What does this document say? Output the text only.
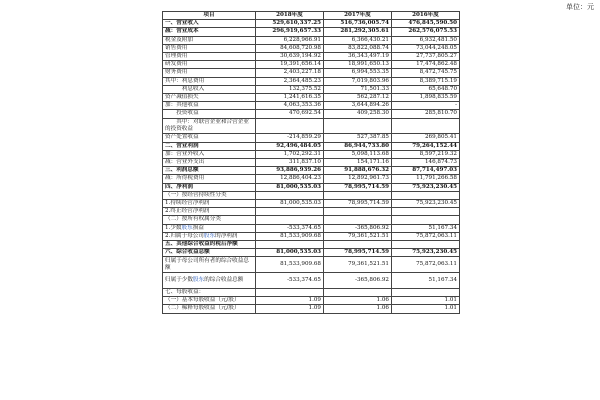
单位：元
项目	2018年度	2017年度	2016年度
一、营业收入	529,610,337.25	516,736,005.74	476,845,590.50
减：营业成本	296,919,657.33	281,292,305.61	262,576,075.53
税金及附加	6,228,966.91	6,366,430.21	6,932,481.50
销售费用	84,608,720.98	83,822,088.74	73,044,248.05
管理费用	30,639,194.92	36,343,497.19	27,737,805.27
研发费用	19,391,656.14	18,991,650.13	17,474,862.48
财务费用	2,403,227.18	6,994,553.35	8,472,745.75
其中：利息费用	2,364,485.23	7,019,803.96	8,389,715.19
　　　利息收入	132,375.52	71,501.33	65,648.70
资产减值损失	1,241,616.35	562,287.12	1,898,835.59
加：其他收益	4,063,353.36	3,644,894.26	-
　　投资收益	470,692.54	409,258.30	285,810.70
　　其中：对联营企业和合营企业的投资收益			
资产处置收益	-214,859.29	527,387.85	269,805.41
二、营业利润	92,496,484.05	86,944,733.80	79,264,152.44
加：营业外收入	1,702,292.31	5,098,113.68	8,597,219.32
减：营业外支出	311,837.10	154,171.16	146,874.73
三、利润总额	93,886,939.26	91,888,676.32	87,714,497.03
减：所得税费用	12,886,404.23	12,892,961.73	11,791,266.58
四、净利润	81,000,535.03	78,995,714.59	75,923,230.45
（一）按经营持续性分类			
1.持续经营净利润	81,000,535.03	78,995,714.59	75,923,230.45
2.终止经营净利润			
（二）按所有权属分类			
1.少数股东损益	-533,374.65	-365,806.92	51,167.34
2.归属于母公司股东的净利润	81,533,909.68	79,361,521.51	75,872,063.11
五、其他综合收益的税后净额			
六、综合收益总额	81,000,535.03	78,995,714.59	75,923,230.45
归属于母公司所有者的综合收益总额	81,533,909.68	79,361,521.51	75,872,063.11
归属于少数股东的综合收益总额	-533,374.65	-365,806.92	51,167.34
七、每股收益：			
（一）基本每股收益（元/股）	1.09	1.06	1.01
（二）稀释每股收益（元/股）	1.09	1.06	1.01
